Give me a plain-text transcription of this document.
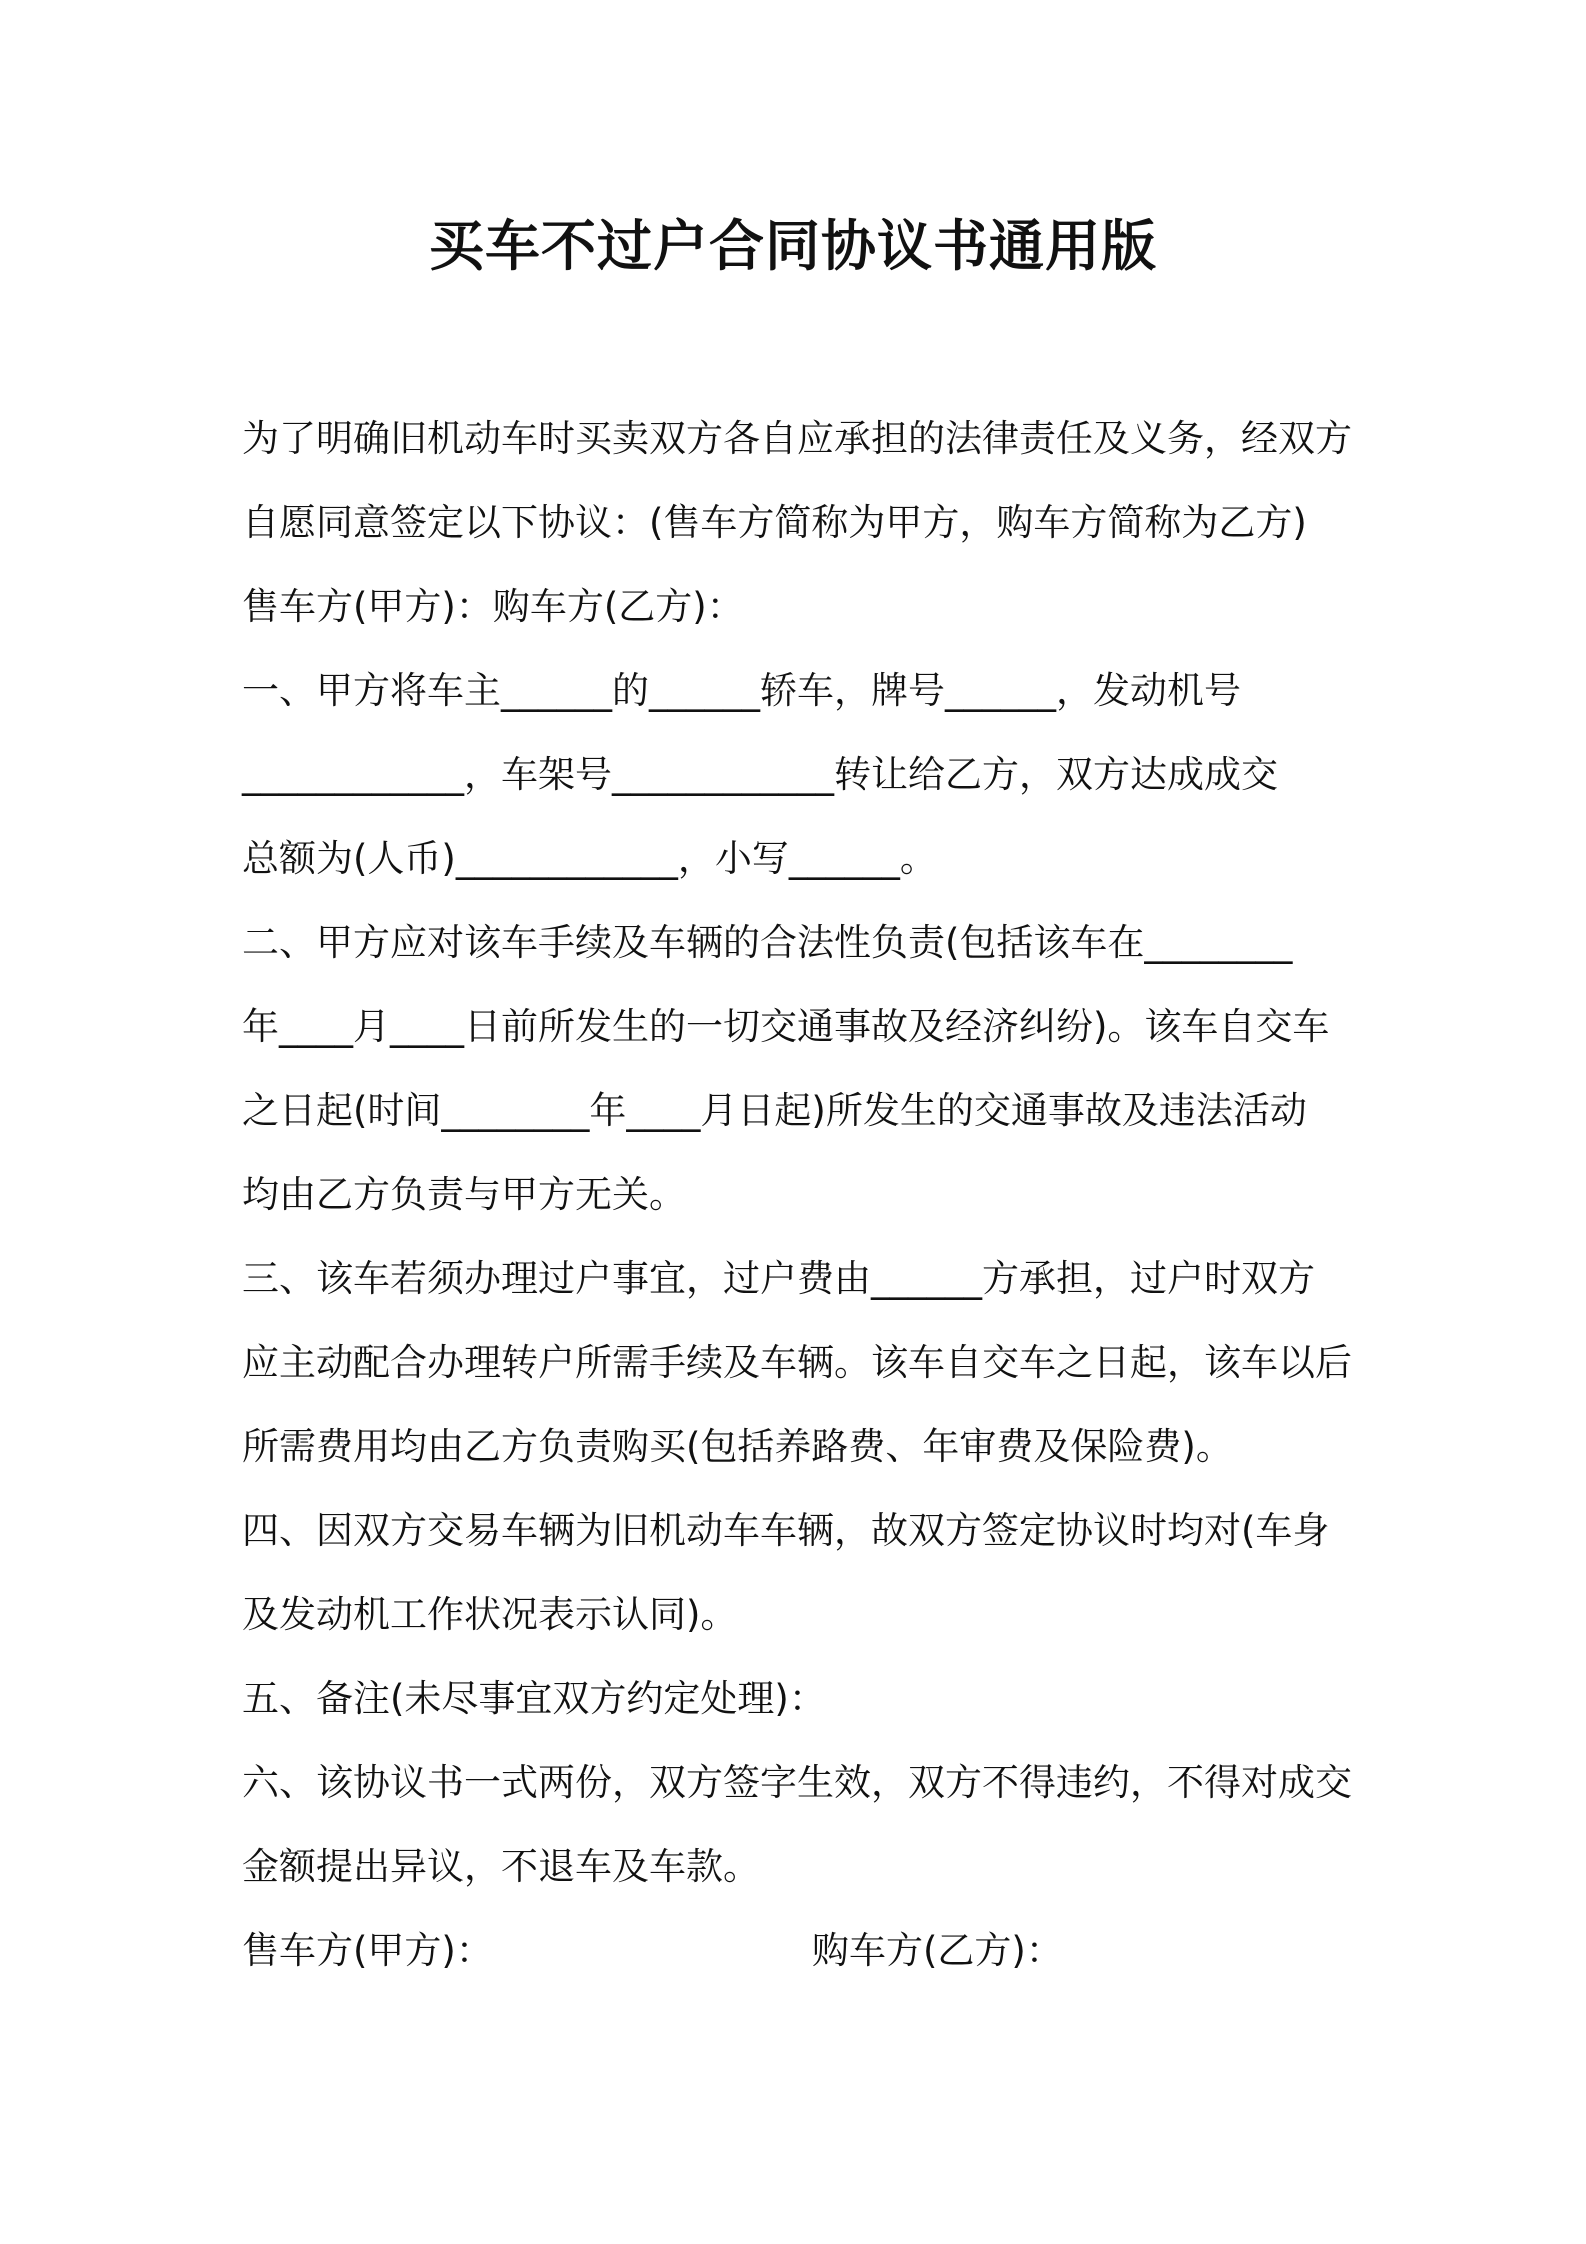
买车不过户合同协议书通用版

为了明确旧机动车时买卖双方各自应承担的法律责任及义务，经双方

自愿同意签定以下协议：(售车方简称为甲方，购车方简称为乙方)

售车方(甲方)：购车方(乙方)：

一、甲方将车主______的______轿车，牌号______，发动机号

____________，车架号____________转让给乙方，双方达成成交

总额为(人币)____________，小写______。

二、甲方应对该车手续及车辆的合法性负责(包括该车在________

年____月____日前所发生的一切交通事故及经济纠纷)。该车自交车

之日起(时间________年____月日起)所发生的交通事故及违法活动

均由乙方负责与甲方无关。

三、该车若须办理过户事宜，过户费由______方承担，过户时双方

应主动配合办理转户所需手续及车辆。该车自交车之日起，该车以后

所需费用均由乙方负责购买(包括养路费、年审费及保险费)。

四、因双方交易车辆为旧机动车车辆，故双方签定协议时均对(车身

及发动机工作状况表示认同)。

五、备注(未尽事宜双方约定处理)：

六、该协议书一式两份，双方签字生效，双方不得违约，不得对成交

金额提出异议，不退车及车款。

售车方(甲方)：	购车方(乙方)：
